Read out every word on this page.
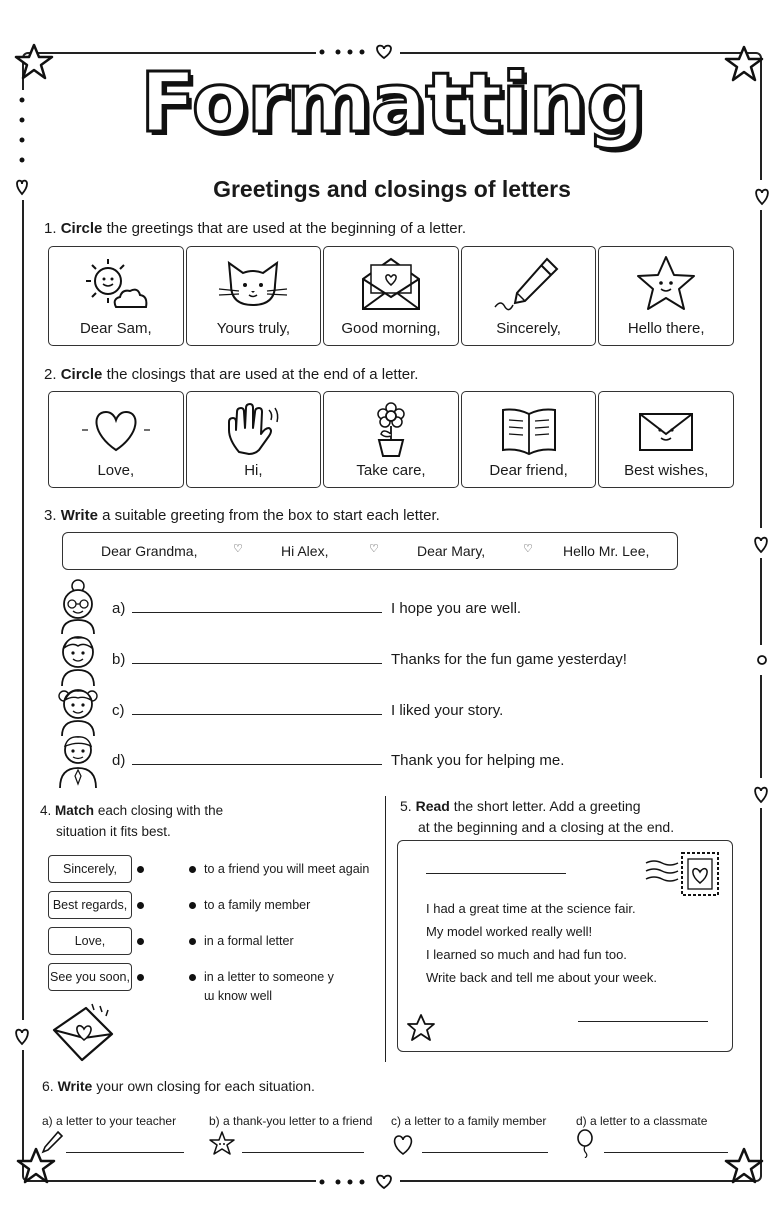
Formatting
Greetings and closings of letters
1. Circle the greetings that are used at the beginning of a letter.
Dear Sam,	Yours truly,	Good morning,	Sincerely,	Hello there,
2. Circle the closings that are used at the end of a letter.
Love,	Hi,	Take care,	Dear friend,	Best wishes,
3. Write a suitable greeting from the box to start each letter.
Dear Grandma,	♡	Hi Alex,	♡	Dear Mary,	♡ Hello Mr. Lee,
a)	I hope you are well.
b)	Thanks for the fun game yesterday!
c)	I liked your story.
d)	Thank you for helping me.
4. Match each closing with the
situation it fits best.
Sincerely,
Best regards,
Love,
See you soon,
to a friend you will meet again
to a family member
in a formal letter
in a letter to someone y
ɯ know well
5. Read the short letter. Add a greeting
at the beginning and a closing at the end.
I had a great time at the science fair.
My model worked really well!
I learned so much and had fun too.
Write back and tell me about your week.
6. Write your own closing for each situation.
a) a letter to your teacher	b) a thank-you letter to a friend c) a letter to a family member d) a letter to a classmate
